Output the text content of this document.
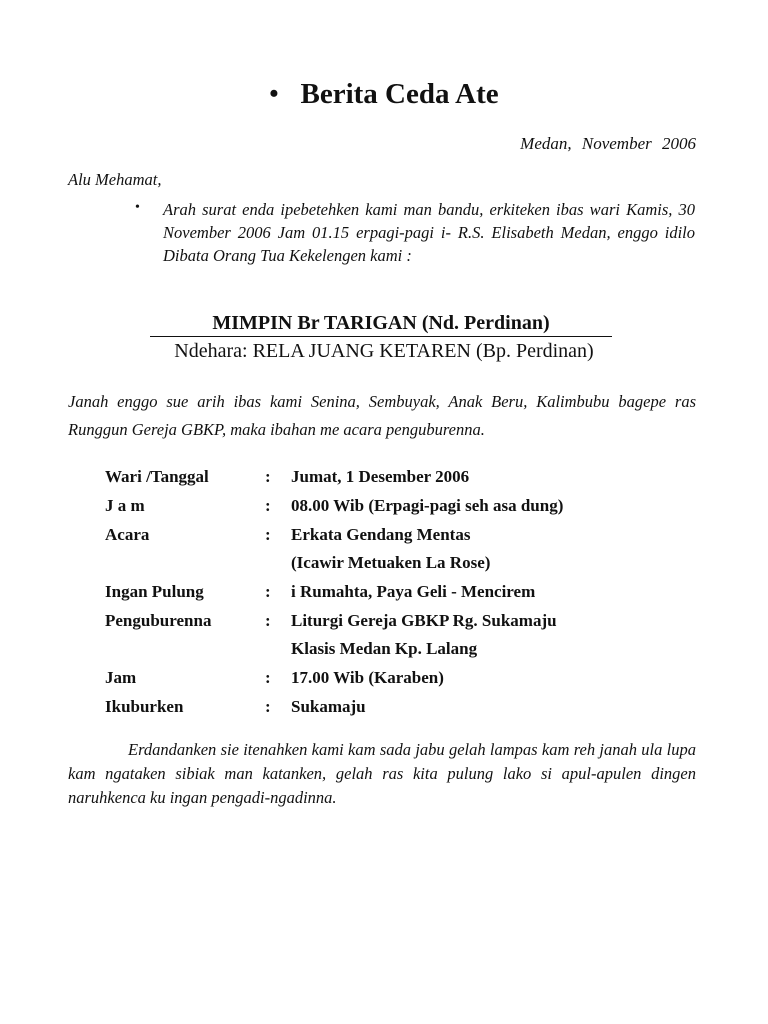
• Berita Ceda Ate
Medan, November 2006
Alu Mehamat,
• Arah surat enda ipebetehken kami man bandu, erkiteken ibas wari Kamis, 30 November 2006 Jam 01.15 erpagi-pagi i- R.S. Elisabeth Medan, enggo idilo Dibata Orang Tua Kekelengen kami :

MIMPIN Br TARIGAN (Nd. Perdinan)
Ndehara: RELA JUANG KETAREN (Bp. Perdinan)
Janah enggo sue arih ibas kami Senina, Sembuyak, Anak Beru, Kalimbubu bagepe ras Runggun Gereja GBKP, maka ibahan me acara penguburenna.
Wari /Tanggal	:	Jumat, 1 Desember 2006
J a m	:	08.00 Wib (Erpagi-pagi seh asa dung)
Acara	:	Erkata Gendang Mentas
		(Icawir Metuaken La Rose)
Ingan Pulung	:	i Rumahta, Paya Geli - Mencirem
Penguburenna	:	Liturgi Gereja GBKP Rg. Sukamaju
		Klasis Medan Kp. Lalang
Jam	:	17.00 Wib (Karaben)
Ikuburken	:	Sukamaju
Erdandanken sie itenahken kami kam sada jabu gelah lampas kam reh janah ula lupa kam ngataken sibiak man katanken, gelah ras kita pulung lako si apul-apulen dingen naruhkenca ku ingan pengadi-ngadinna.
